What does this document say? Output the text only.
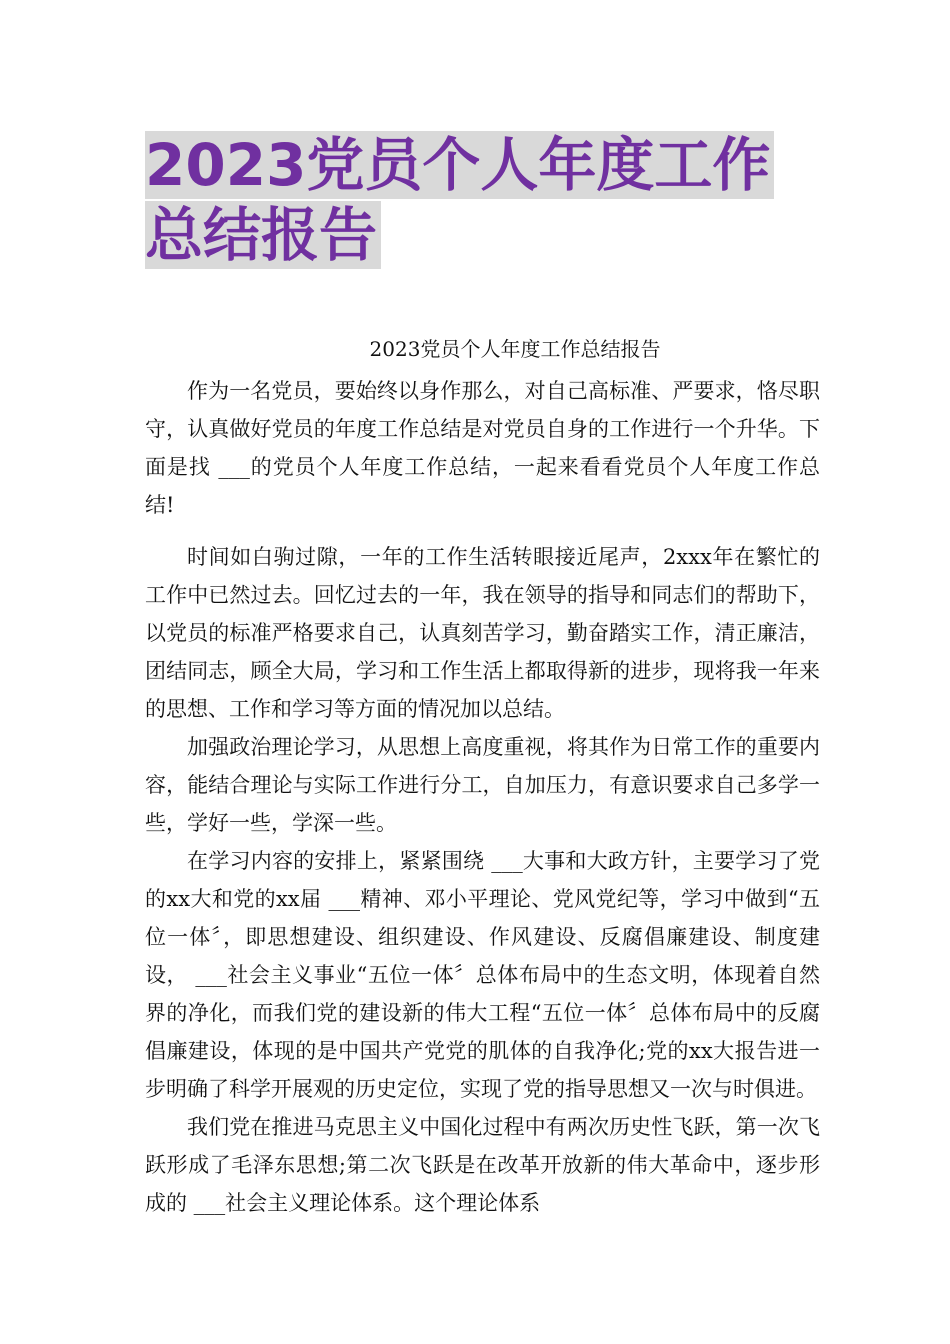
2023党员个人年度工作总结报告
2023党员个人年度工作总结报告

作为一名党员，要始终以身作那么，对自己高标准、严要求，恪尽职守，认真做好党员的年度工作总结是对党员自身的工作进行一个升华。下面是找 ___的党员个人年度工作总结，一起来看看党员个人年度工作总结!

时间如白驹过隙，一年的工作生活转眼接近尾声，2xxx年在繁忙的工作中已然过去。回忆过去的一年，我在领导的指导和同志们的帮助下，以党员的标准严格要求自己，认真刻苦学习，勤奋踏实工作，清正廉洁，团结同志，顾全大局，学习和工作生活上都取得新的进步，现将我一年来的思想、工作和学习等方面的情况加以总结。

加强政治理论学习，从思想上高度重视，将其作为日常工作的重要内容，能结合理论与实际工作进行分工，自加压力，有意识要求自己多学一些，学好一些，学深一些。

在学习内容的安排上，紧紧围绕 ___大事和大政方针，主要学习了党的xx大和党的xx届 ___精神、邓小平理论、党风党纪等，学习中做到“五位一体〞，即思想建设、组织建设、作风建设、反腐倡廉建设、制度建设， ___社会主义事业“五位一体〞总体布局中的生态文明，体现着自然界的净化，而我们党的建设新的伟大工程“五位一体〞总体布局中的反腐倡廉建设，体现的是中国共产党党的肌体的自我净化;党的xx大报告进一步明确了科学开展观的历史定位，实现了党的指导思想又一次与时俱进。

我们党在推进马克思主义中国化过程中有两次历史性飞跃，第一次飞跃形成了毛泽东思想;第二次飞跃是在改革开放新的伟大革命中，逐步形成的 ___社会主义理论体系。这个理论体系
